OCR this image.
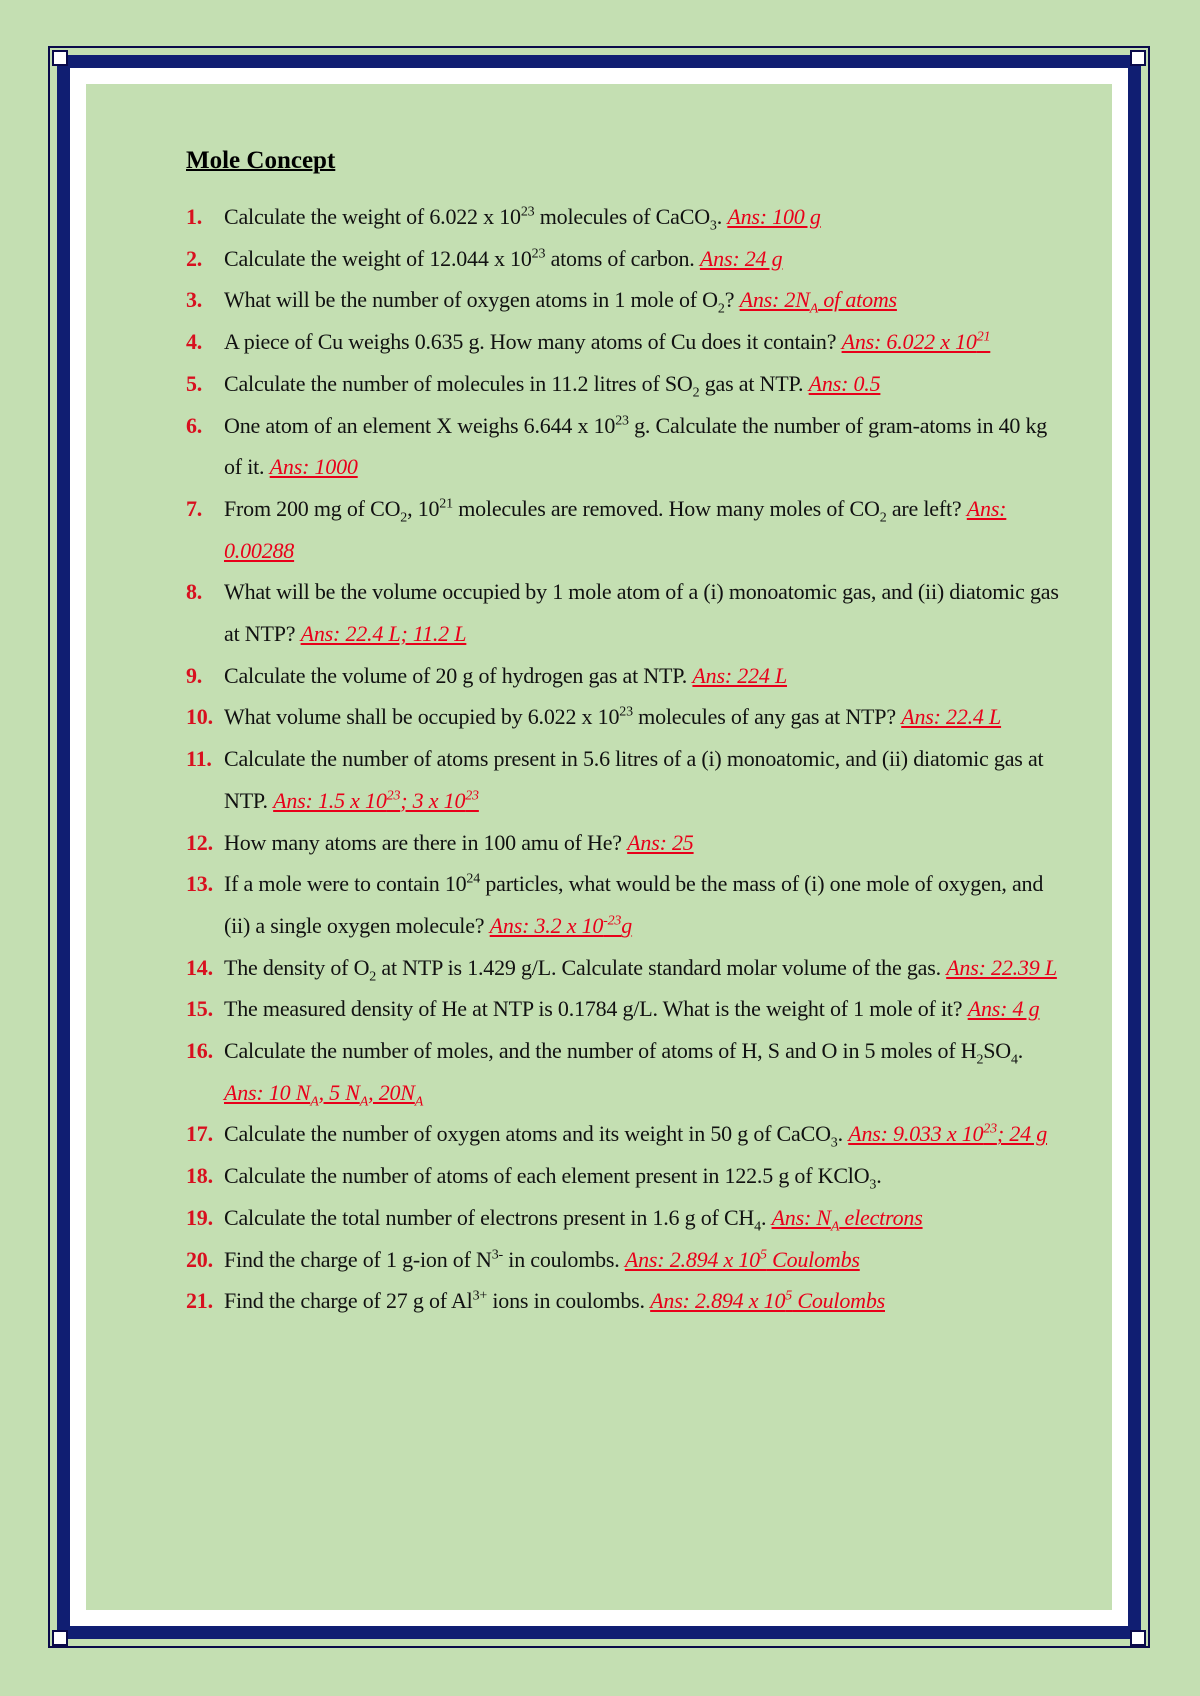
Mole Concept
1. Calculate the weight of 6.022 x $10^{23}$ molecules of CaCO$_3$. Ans: 100 g
2. Calculate the weight of 12.044 x $10^{23}$ atoms of carbon. Ans: 24 g
3. What will be the number of oxygen atoms in 1 mole of $O_2$? Ans: $2N_A$ of atoms
4. A piece of Cu weighs 0.635 g. How many atoms of Cu does it contain? Ans: 6.022 x $10^{21}$
5. Calculate the number of molecules in 11.2 litres of $SO_2$ gas at NTP. Ans: 0.5
6. One atom of an element X weighs 6.644 x $10^{23}$ g. Calculate the number of gram-atoms in 40 kg of it. Ans: 1000
7. From 200 mg of $CO_2$, $10^{21}$ molecules are removed. How many moles of $CO_2$ are left? Ans: 0.00288
8. What will be the volume occupied by 1 mole atom of a (i) monoatomic gas, and (ii) diatomic gas at NTP? Ans: 22.4 L; 11.2 L
9. Calculate the volume of 20 g of hydrogen gas at NTP. Ans: 224 L
10. What volume shall be occupied by 6.022 x $10^{23}$ molecules of any gas at NTP? Ans: 22.4 L
11. Calculate the number of atoms present in 5.6 litres of a (i) monoatomic, and (ii) diatomic gas at NTP. Ans: 1.5 x $10^{23}$; 3 x $10^{23}$
12. How many atoms are there in 100 amu of He? Ans: 25
13. If a mole were to contain $10^{24}$ particles, what would be the mass of (i) one mole of oxygen, and (ii) a single oxygen molecule? Ans: 3.2 x $10^{-23}g$
14. The density of $O_2$ at NTP is 1.429 g/L. Calculate standard molar volume of the gas. Ans: 22.39 L
15. The measured density of He at NTP is 0.1784 g/L. What is the weight of 1 mole of it? Ans: 4 g
16. Calculate the number of moles, and the number of atoms of H, S and O in 5 moles of $H_2SO_4$. Ans: 10 $N_A$, 5 $N_A$, $20N_A$
17. Calculate the number of oxygen atoms and its weight in 50 g of CaCO$_3$. Ans: 9.033 x $10^{23}$; 24 g
18. Calculate the number of atoms of each element present in 122.5 g of KClO$_3$.
19. Calculate the total number of electrons present in 1.6 g of $CH_4$. Ans: $N_A$ electrons
20. Find the charge of 1 g-ion of $N^{3-}$ in coulombs. Ans: 2.894 x $10^5$ Coulombs
21. Find the charge of 27 g of $Al^{3+}$ ions in coulombs. Ans: 2.894 x $10^5$ Coulombs
